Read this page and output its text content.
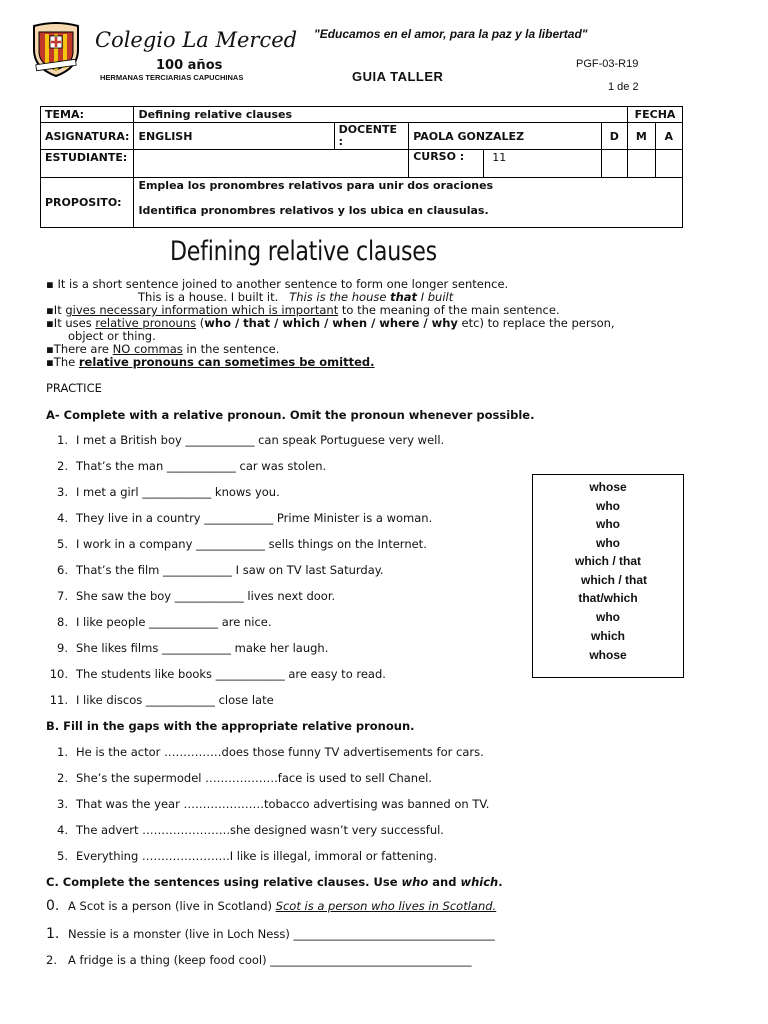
Colegio La Merced
100 años
HERMANAS TERCIARIAS CAPUCHINAS
"Educamos en el amor, para la paz y la libertad"
GUIA TALLER
PGF-03-R19
1 de 2
TEMA:	Defining relative clauses				FECHA	
ASIGNATURA:	ENGLISH	DOCENTE :	PAOLA GONZALEZ	D	M	A
ESTUDIANTE:			CURSO : 11			

PROPOSITO:	Emplea los pronombres relativos para unir dos oraciones
Identifica pronombres relativos y los ubica en clausulas.					
Defining relative clauses
▪ It is a short sentence joined to another sentence to form one longer sentence.
This is a house. I built it. This is the house that I built
▪It gives necessary information which is important to the meaning of the main sentence.
▪It uses relative pronouns (who / that / which / when / where / why etc) to replace the person,
object or thing.
▪There are NO commas in the sentence.
▪The relative pronouns can sometimes be omitted.
PRACTICE
A- Complete with a relative pronoun. Omit the pronoun whenever possible.
1. I met a British boy ____________ can speak Portuguese very well.
2. That’s the man ____________ car was stolen.
3. I met a girl ____________ knows you.
4. They live in a country ____________ Prime Minister is a woman.
5. I work in a company ____________ sells things on the Internet.
6. That’s the film ____________ I saw on TV last Saturday.
7. She saw the boy ____________ lives next door.
8. I like people ____________ are nice.
9. She likes films ____________ make her laugh.
10. The students like books ____________ are easy to read.
11. I like discos ____________ close late
whose
who
who
who
which / that
which / that
that/which
who
which
whose
B. Fill in the gaps with the appropriate relative pronoun.
1. He is the actor ……………does those funny TV advertisements for cars.
2. She’s the supermodel ……………….face is used to sell Chanel.
3. That was the year …………………tobacco advertising was banned on TV.
4. The advert …………………..she designed wasn’t very successful.
5. Everything …………………..I like is illegal, immoral or fattening.
C. Complete the sentences using relative clauses. Use who and which.
0. A Scot is a person (live in Scotland) Scot is a person who lives in Scotland.
1. Nessie is a monster (live in Loch Ness) ___________________________________
2. A fridge is a thing (keep food cool) ___________________________________
